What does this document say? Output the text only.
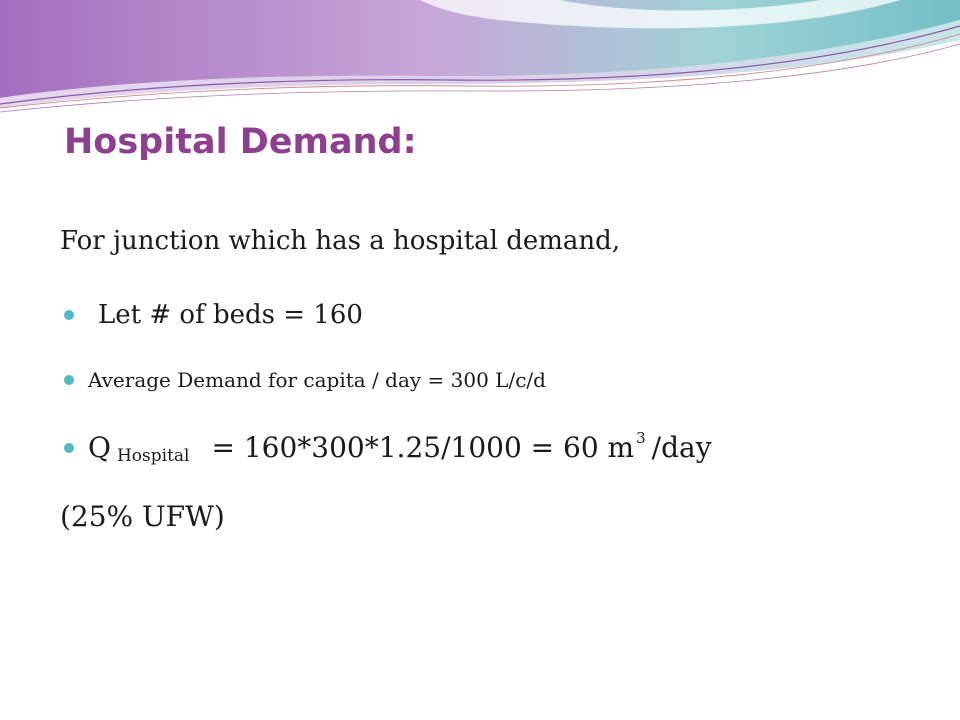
Hospital Demand:
For junction which has a hospital demand,
Let # of beds = 160
Average Demand for capita / day = 300 L/c/d
Q Hospital = 160*300*1.25/1000 = 60 m 3 /day
(25% UFW)
